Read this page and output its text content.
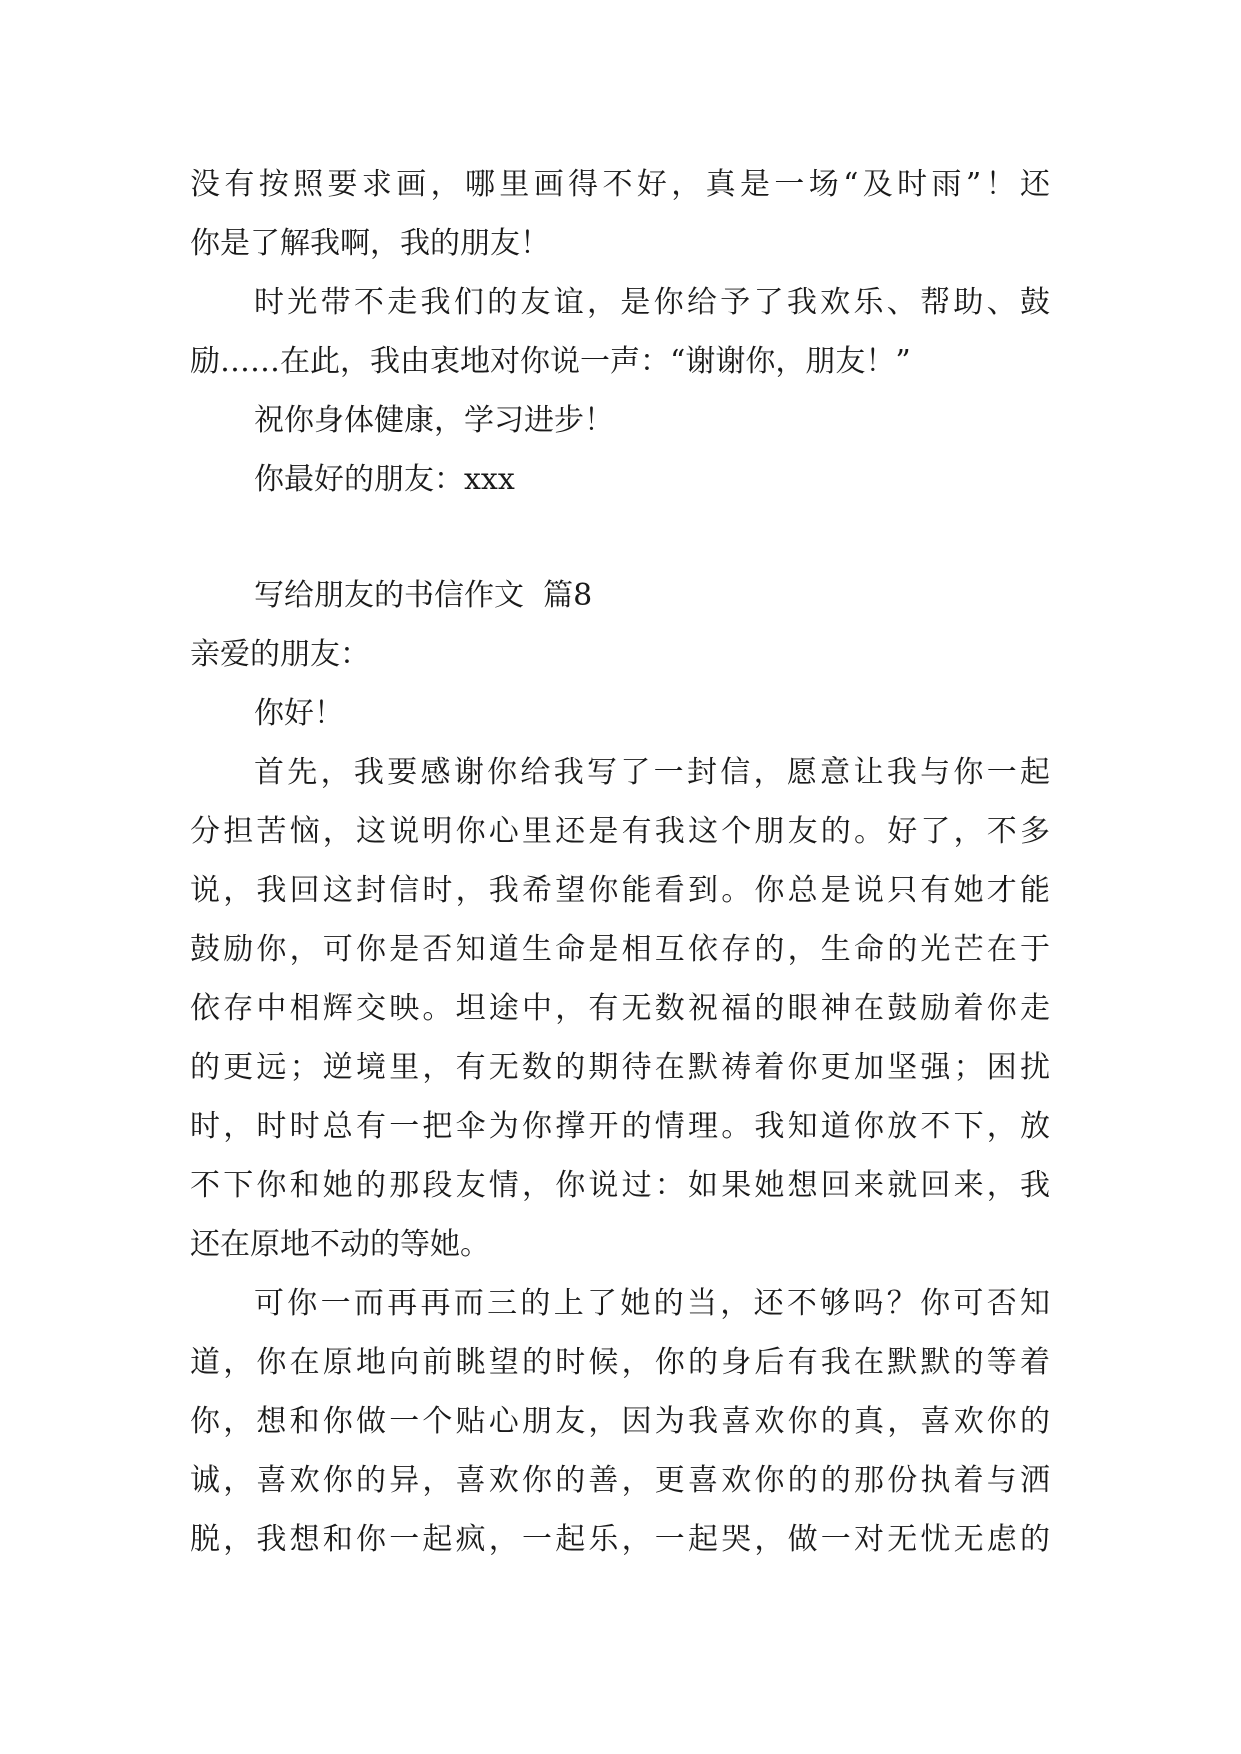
没有按照要求画，哪里画得不好，真是一场“及时雨”！还
你是了解我啊，我的朋友！
时光带不走我们的友谊，是你给予了我欢乐、帮助、鼓
励……在此，我由衷地对你说一声：“谢谢你，朋友！”
祝你身体健康，学习进步！
你最好的朋友：xxx
写给朋友的书信作文  篇8
亲爱的朋友：
你好！
首先，我要感谢你给我写了一封信，愿意让我与你一起
分担苦恼，这说明你心里还是有我这个朋友的。好了，不多
说，我回这封信时，我希望你能看到。你总是说只有她才能
鼓励你，可你是否知道生命是相互依存的，生命的光芒在于
依存中相辉交映。坦途中，有无数祝福的眼神在鼓励着你走
的更远；逆境里，有无数的期待在默祷着你更加坚强；困扰
时，时时总有一把伞为你撑开的情理。我知道你放不下，放
不下你和她的那段友情，你说过：如果她想回来就回来，我
还在原地不动的等她。
可你一而再再而三的上了她的当，还不够吗？你可否知
道，你在原地向前眺望的时候，你的身后有我在默默的等着
你，想和你做一个贴心朋友，因为我喜欢你的真，喜欢你的
诚，喜欢你的异，喜欢你的善，更喜欢你的的那份执着与洒
脱，我想和你一起疯，一起乐，一起哭，做一对无忧无虑的
